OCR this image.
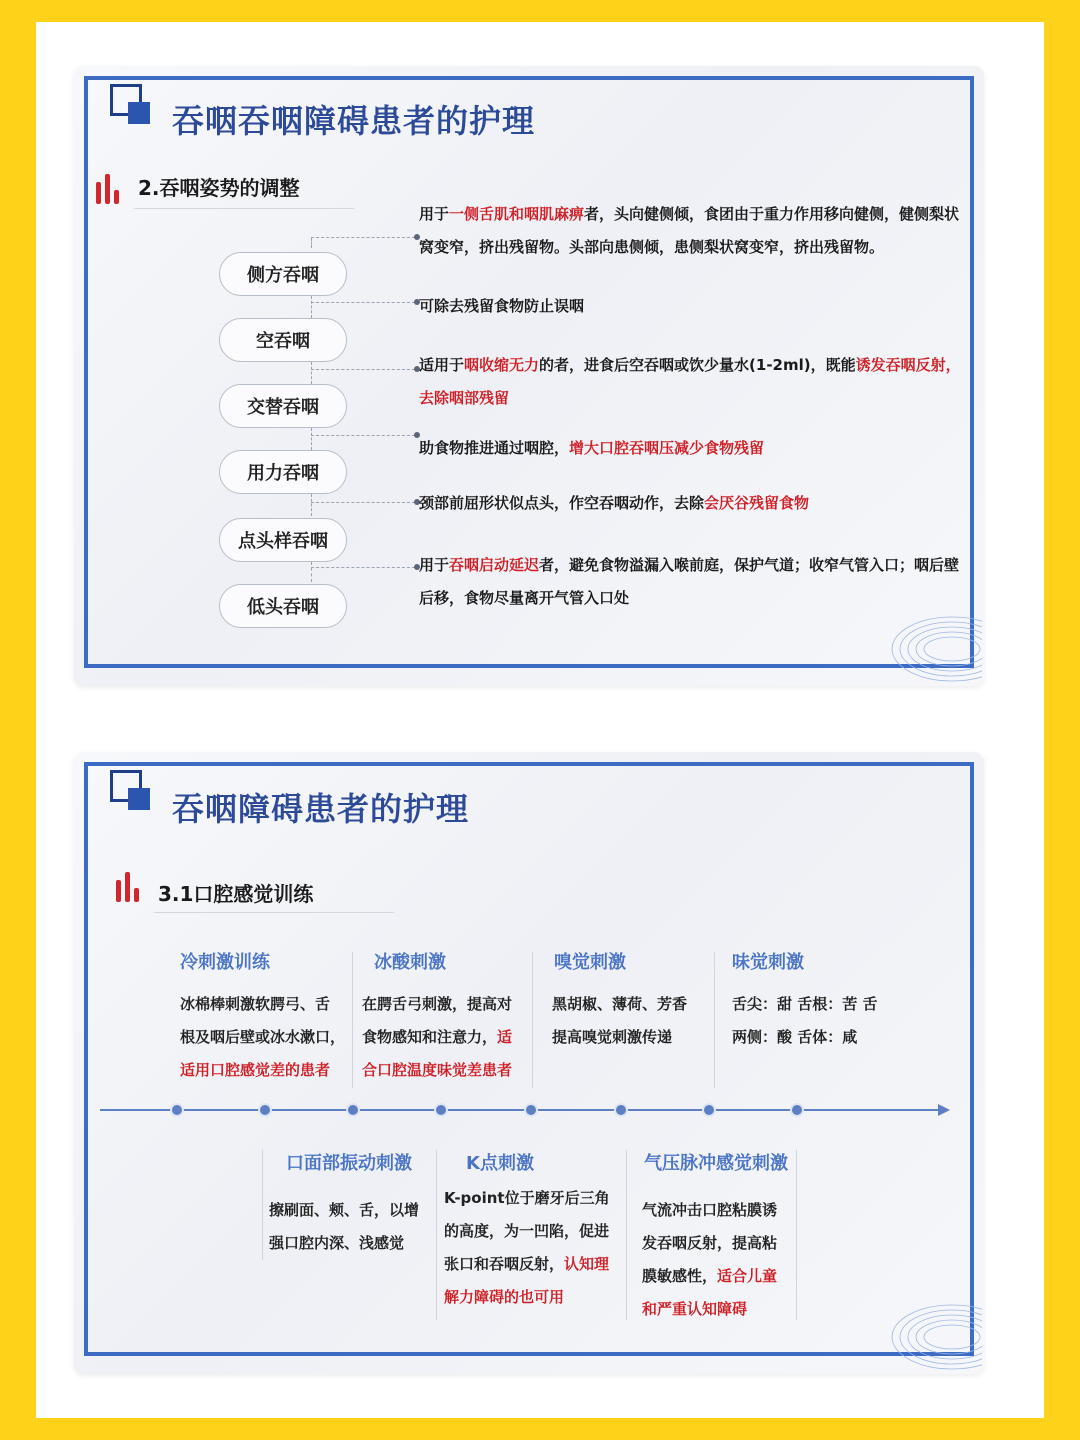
吞咽吞咽障碍患者的护理
2.吞咽姿势的调整
侧方吞咽
空吞咽
交替吞咽
用力吞咽
点头样吞咽
低头吞咽
用于一侧舌肌和咽肌麻痹者，头向健侧倾，食团由于重力作用移向健侧，健侧梨状窝变窄，挤出残留物。头部向患侧倾，患侧梨状窝变窄，挤出残留物。
可除去残留食物防止误咽
适用于咽收缩无力的者，进食后空吞咽或饮少量水(1-2ml)，既能诱发吞咽反射，去除咽部残留
助食物推进通过咽腔，增大口腔吞咽压减少食物残留
颈部前屈形状似点头，作空吞咽动作，去除会厌谷残留食物
用于吞咽启动延迟者，避免食物溢漏入喉前庭，保护气道；收窄气管入口；咽后壁后移，食物尽量离开气管入口处
吞咽障碍患者的护理
3.1口腔感觉训练
冷刺激训练
冰棉棒刺激软腭弓、舌
根及咽后壁或冰水漱口，
适用口腔感觉差的患者
冰酸刺激
在腭舌弓刺激，提高对
食物感知和注意力，适
合口腔温度味觉差患者
嗅觉刺激
黑胡椒、薄荷、芳香
提高嗅觉刺激传递
味觉刺激
舌尖：甜 舌根：苦 舌
两侧：酸 舌体：咸
口面部振动刺激
擦刷面、颊、舌，以增
强口腔内深、浅感觉
K点刺激
K-point位于磨牙后三角
的高度，为一凹陷，促进
张口和吞咽反射，认知理
解力障碍的也可用
气压脉冲感觉刺激
气流冲击口腔粘膜诱
发吞咽反射，提高粘
膜敏感性，适合儿童
和严重认知障碍
